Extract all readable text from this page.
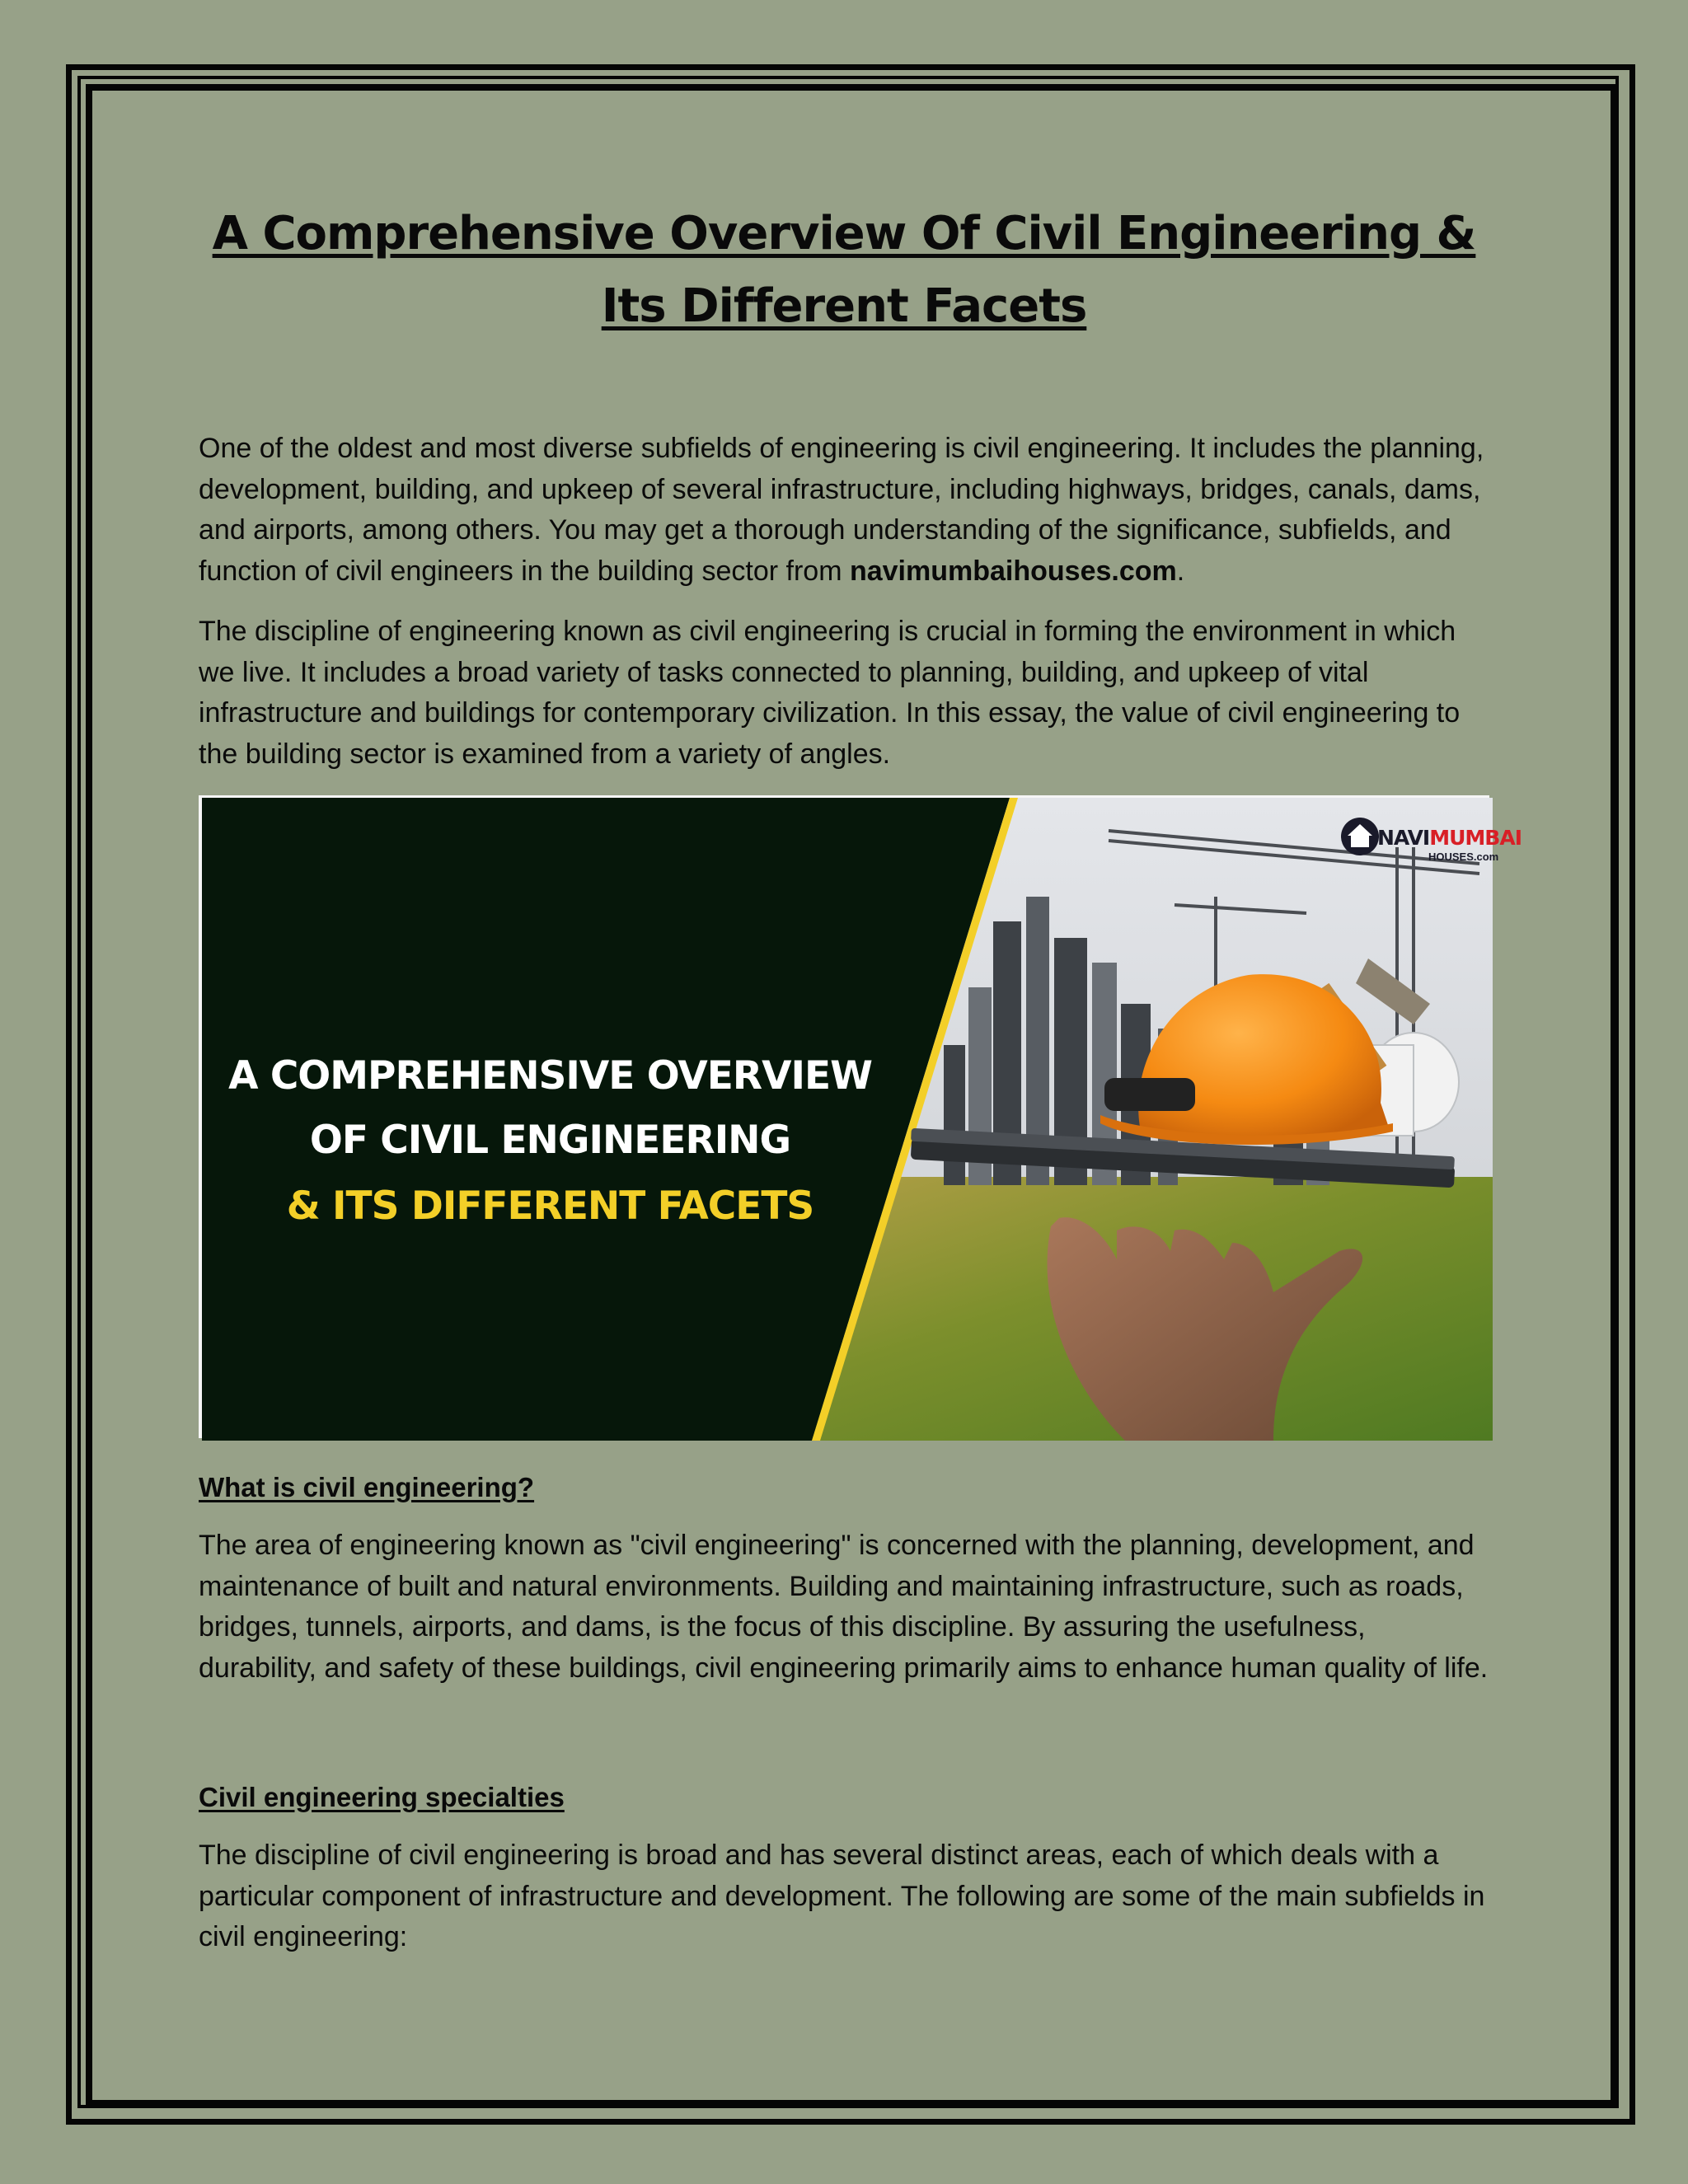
A Comprehensive Overview Of Civil Engineering & Its Different Facets

One of the oldest and most diverse subfields of engineering is civil engineering. It includes the planning, development, building, and upkeep of several infrastructure, including highways, bridges, canals, dams, and airports, among others. You may get a thorough understanding of the significance, subfields, and function of civil engineers in the building sector from navimumbaihouses.com.

The discipline of engineering known as civil engineering is crucial in forming the environment in which we live. It includes a broad variety of tasks connected to planning, building, and upkeep of vital infrastructure and buildings for contemporary civilization. In this essay, the value of civil engineering to the building sector is examined from a variety of angles.

NAVIMUMBAI
HOUSES.com
A COMPREHENSIVE OVERVIEW
OF CIVIL ENGINEERING
& ITS DIFFERENT FACETS
What is civil engineering?

The area of engineering known as "civil engineering" is concerned with the planning, development, and maintenance of built and natural environments. Building and maintaining infrastructure, such as roads, bridges, tunnels, airports, and dams, is the focus of this discipline. By assuring the usefulness, durability, and safety of these buildings, civil engineering primarily aims to enhance human quality of life.

Civil engineering specialties

The discipline of civil engineering is broad and has several distinct areas, each of which deals with a particular component of infrastructure and development. The following are some of the main subfields in civil engineering:
